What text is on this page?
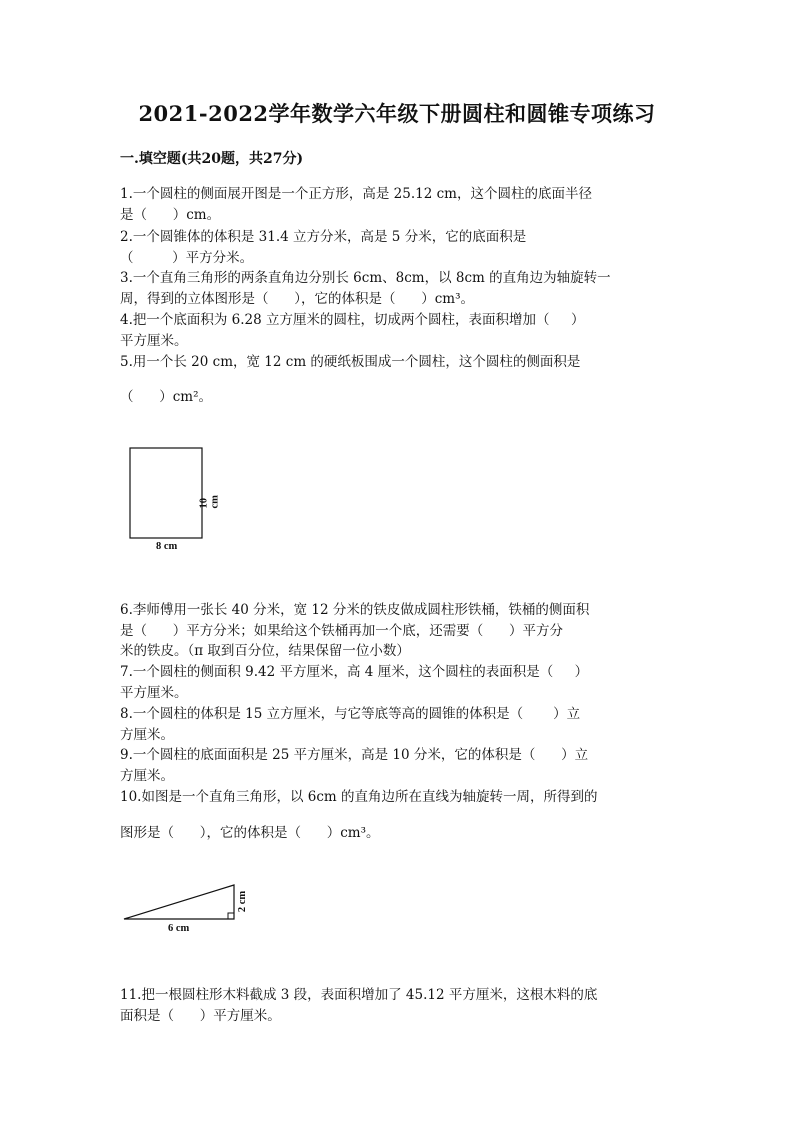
2021-2022学年数学六年级下册圆柱和圆锥专项练习
一.填空题(共20题，共27分)
1.一个圆柱的侧面展开图是一个正方形，高是 25.12 cm，这个圆柱的底面半径
是（      ）cm。
2.一个圆锥体的体积是 31.4 立方分米，高是 5 分米，它的底面积是
（         ）平方分米。
3.一个直角三角形的两条直角边分别长 6cm、8cm，以 8cm 的直角边为轴旋转一
周，得到的立体图形是（      ），它的体积是（      ）cm³。
4.把一个底面积为 6.28 立方厘米的圆柱，切成两个圆柱，表面积增加（     ）
平方厘米。
5.用一个长 20 cm，宽 12 cm 的硬纸板围成一个圆柱，这个圆柱的侧面积是
（      ）cm²。
8 cm
10 cm
6.李师傅用一张长 40 分米，宽 12 分米的铁皮做成圆柱形铁桶，铁桶的侧面积
是（      ）平方分米；如果给这个铁桶再加一个底，还需要（      ）平方分
米的铁皮。（π 取到百分位，结果保留一位小数）
7.一个圆柱的侧面积 9.42 平方厘米，高 4 厘米，这个圆柱的表面积是（     ）
平方厘米。
8.一个圆柱的体积是 15 立方厘米，与它等底等高的圆锥的体积是（       ）立
方厘米。
9.一个圆柱的底面面积是 25 平方厘米，高是 10 分米，它的体积是（      ）立
方厘米。
10.如图是一个直角三角形，以 6cm 的直角边所在直线为轴旋转一周，所得到的
图形是（      ），它的体积是（      ）cm³。
6 cm
2 cm
11.把一根圆柱形木料截成 3 段，表面积增加了 45.12 平方厘米，这根木料的底
面积是（      ）平方厘米。
